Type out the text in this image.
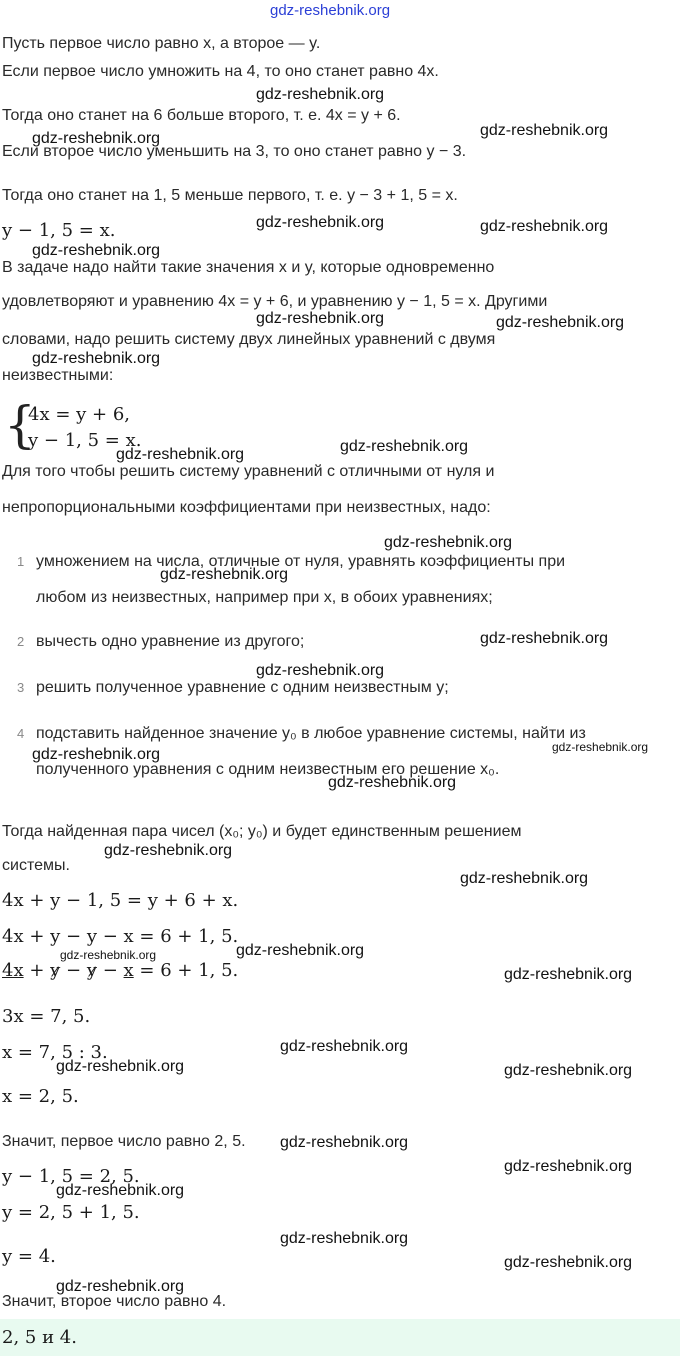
gdz-reshebnik.org
gdz-reshebnik.org
gdz-reshebnik.org	gdz-reshebnik.org
gdz-reshebnik.org	gdz-reshebnik.org
gdz-reshebnik.org
gdz-reshebnik.org	gdz-reshebnik.org
gdz-reshebnik.org
gdz-reshebnik.org	gdz-reshebnik.org
gdz-reshebnik.org
gdz-reshebnik.org
gdz-reshebnik.org
gdz-reshebnik.org
gdz-reshebnik.org	gdz-reshebnik.org
gdz-reshebnik.org
gdz-reshebnik.org
gdz-reshebnik.org
gdz-reshebnik.org	gdz-reshebnik.org
gdz-reshebnik.org
gdz-reshebnik.org
gdz-reshebnik.org	gdz-reshebnik.org
gdz-reshebnik.org
gdz-reshebnik.org
gdz-reshebnik.org
gdz-reshebnik.org
gdz-reshebnik.org
gdz-reshebnik.org
Пусть первое число равно x, а второе — y.
Если первое число умножить на 4, то оно станет равно 4x.
Тогда оно станет на 6 больше второго, т. е. 4x = y + 6.
Если второе число уменьшить на 3, то оно станет равно y − 3.
Тогда оно станет на 1, 5 меньше первого, т. е. y − 3 + 1, 5 = x.
y − 1, 5 = x.
В задаче надо найти такие значения x и y, которые одновременно
удовлетворяют и уравнению 4x = y + 6, и уравнению y − 1, 5 = x. Другими
словами, надо решить систему двух линейных уравнений с двумя
неизвестными:
{
4x = y + 6,
y − 1, 5 = x.
Для того чтобы решить систему уравнений с отличными от нуля и
непропорциональными коэффициентами при неизвестных, надо:
1 умножением на числа, отличные от нуля, уравнять коэффициенты при
любом из неизвестных, например при x, в обоих уравнениях;
2 вычесть одно уравнение из другого;
3 решить полученное уравнение с одним неизвестным y;
4 подставить найденное значение y₀ в любое уравнение системы, найти из
полученного уравнения с одним неизвестным его решение x₀.
Тогда найденная пара чисел (x₀; y₀) и будет единственным решением
системы.
4x + y − 1, 5 = y + 6 + x.
4x + y − y − x = 6 + 1, 5.
4x + y − y − x = 6 + 1, 5.
3x = 7, 5.
x = 7, 5 : 3.
x = 2, 5.
Значит, первое число равно 2, 5.
y − 1, 5 = 2, 5.
y = 2, 5 + 1, 5.
y = 4.
Значит, второе число равно 4.
2, 5 и 4.
